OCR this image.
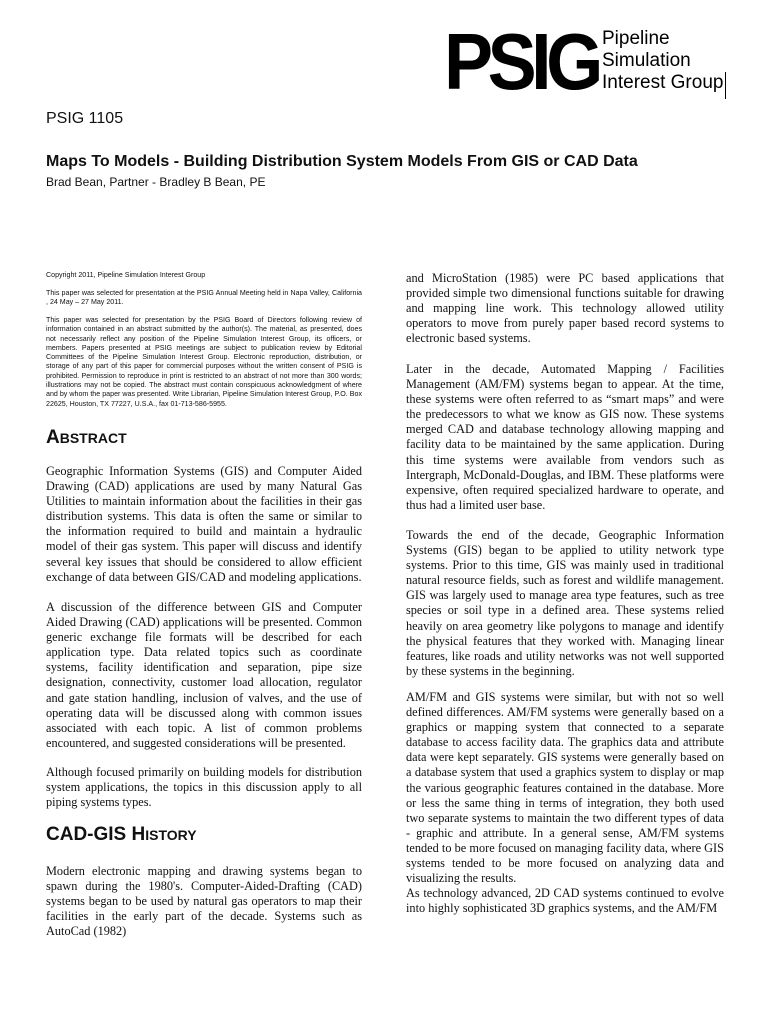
PSIG Pipeline
Simulation
Interest Group
PSIG 1105
Maps To Models - Building Distribution System Models From GIS or CAD Data
Brad Bean, Partner - Bradley B Bean, PE

Copyright 2011, Pipeline Simulation Interest Group

This paper was selected for presentation at the PSIG Annual Meeting held in Napa Valley, California , 24 May – 27 May 2011.

This paper was selected for presentation by the PSIG Board of Directors following review of information contained in an abstract submitted by the author(s). The material, as presented, does not necessarily reflect any position of the Pipeline Simulation Interest Group, its officers, or members. Papers presented at PSIG meetings are subject to publication review by Editorial Committees of the Pipeline Simulation Interest Group. Electronic reproduction, distribution, or storage of any part of this paper for commercial purposes without the written consent of PSIG is prohibited. Permission to reproduce in print is restricted to an abstract of not more than 300 words; illustrations may not be copied. The abstract must contain conspicuous acknowledgment of where and by whom the paper was presented. Write Librarian, Pipeline Simulation Interest Group, P.O. Box 22625, Houston, TX 77227, U.S.A., fax 01-713-586-5955.

ABSTRACT

Geographic Information Systems (GIS) and Computer Aided Drawing (CAD) applications are used by many Natural Gas Utilities to maintain information about the facilities in their gas distribution systems. This data is often the same or similar to the information required to build and maintain a hydraulic model of their gas system. This paper will discuss and identify several key issues that should be considered to allow efficient exchange of data between GIS/CAD and modeling applications.

A discussion of the difference between GIS and Computer Aided Drawing (CAD) applications will be presented. Common generic exchange file formats will be described for each application type. Data related topics such as coordinate systems, facility identification and separation, pipe size designation, connectivity, customer load allocation, regulator and gate station handling, inclusion of valves, and the use of operating data will be discussed along with common issues associated with each topic. A list of common problems encountered, and suggested considerations will be presented.

Although focused primarily on building models for distribution system applications, the topics in this discussion apply to all piping systems types.

CAD-GIS HISTORY

Modern electronic mapping and drawing systems began to spawn during the 1980's. Computer-Aided-Drafting (CAD) systems began to be used by natural gas operators to map their facilities in the early part of the decade. Systems such as AutoCad (1982)

and MicroStation (1985) were PC based applications that provided simple two dimensional functions suitable for drawing and mapping line work. This technology allowed utility operators to move from purely paper based record systems to electronic based systems.

Later in the decade, Automated Mapping / Facilities Management (AM/FM) systems began to appear. At the time, these systems were often referred to as “smart maps” and were the predecessors to what we know as GIS now. These systems merged CAD and database technology allowing mapping and facility data to be maintained by the same application. During this time systems were available from vendors such as Intergraph, McDonald-Douglas, and IBM. These platforms were expensive, often required specialized hardware to operate, and thus had a limited user base.

Towards the end of the decade, Geographic Information Systems (GIS) began to be applied to utility network type systems. Prior to this time, GIS was mainly used in traditional natural resource fields, such as forest and wildlife management. GIS was largely used to manage area type features, such as tree species or soil type in a defined area. These systems relied heavily on area geometry like polygons to manage and identify the physical features that they worked with. Managing linear features, like roads and utility networks was not well supported by these systems in the beginning.

AM/FM and GIS systems were similar, but with not so well defined differences. AM/FM systems were generally based on a graphics or mapping system that connected to a separate database to access facility data. The graphics data and attribute data were kept separately. GIS systems were generally based on a database system that used a graphics system to display or map the various geographic features contained in the database. More or less the same thing in terms of integration, they both used two separate systems to maintain the two different types of data - graphic and attribute. In a general sense, AM/FM systems tended to be more focused on managing facility data, where GIS systems tended to be more focused on analyzing data and visualizing the results.

As technology advanced, 2D CAD systems continued to evolve into highly sophisticated 3D graphics systems, and the AM/FM
